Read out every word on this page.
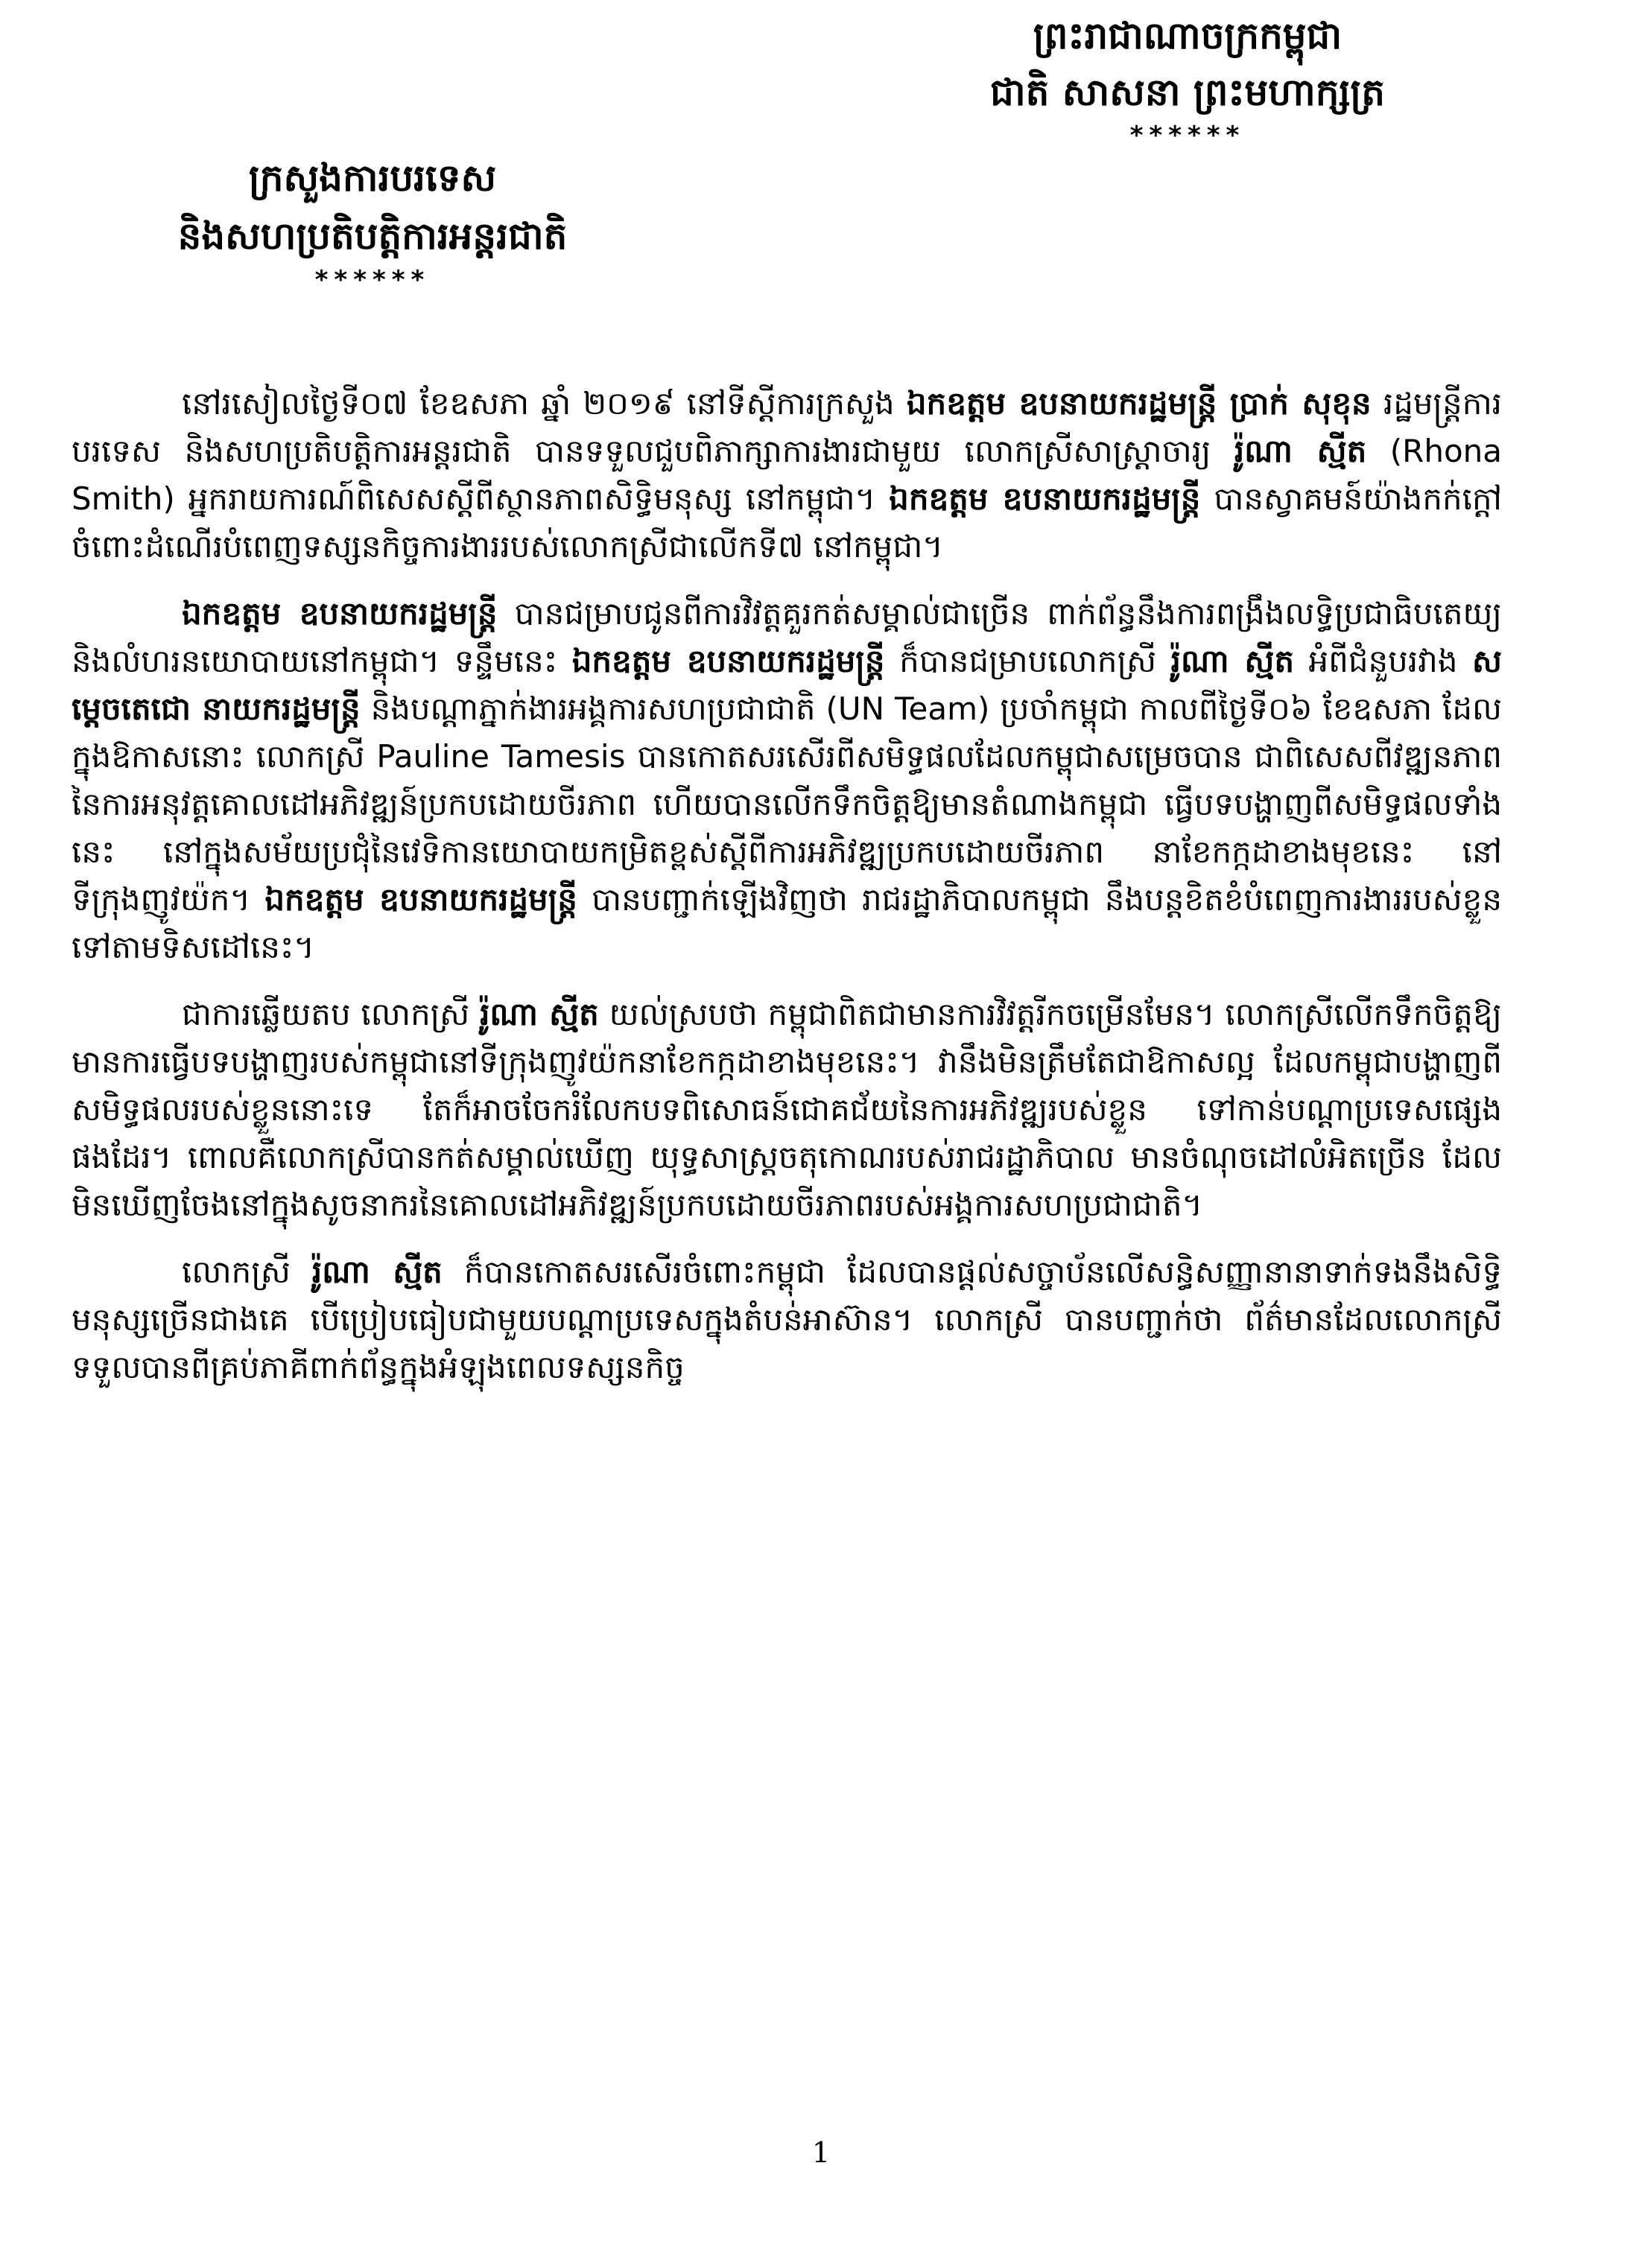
ព្រះរាជាណាចក្រកម្ពុជា
ជាតិ សាសនា ព្រះមហាក្សត្រ
******
ក្រសួងការបរទេស
និងសហប្រតិបត្តិការអន្តរជាតិ
******

នៅរសៀលថ្ងៃទី០៧ ខែឧសភា ឆ្នាំ ២០១៩ នៅទីស្តីការក្រសួង ឯកឧត្តម ឧបនាយករដ្ឋមន្ត្រី ប្រាក់ សុខុន រដ្ឋមន្ត្រីការបរទេស និងសហប្រតិបត្តិការអន្តរជាតិ បានទទួលជួបពិភាក្សាការងារជាមួយ លោកស្រីសាស្ត្រាចារ្យ រ៉ូណា ស្មីត (Rhona Smith) អ្នករាយការណ៍ពិសេសស្តីពីស្ថានភាពសិទ្ធិមនុស្ស នៅកម្ពុជា។ ឯកឧត្តម ឧបនាយករដ្ឋមន្ត្រី បានស្វាគមន៍យ៉ាងកក់ក្តៅ ចំពោះដំណើរបំពេញទស្សនកិច្ចការងាររបស់លោកស្រីជាលើកទី៧ នៅកម្ពុជា។

ឯកឧត្តម ឧបនាយករដ្ឋមន្ត្រី បានជម្រាបជូនពីការវិវត្តគួរកត់សម្គាល់ជាច្រើន ពាក់ព័ន្ធនឹងការពង្រឹងលទ្ធិប្រជាធិបតេយ្យ និងលំហរនយោបាយនៅកម្ពុជា។ ទន្ទឹមនេះ ឯកឧត្តម ឧបនាយករដ្ឋមន្ត្រី ក៏បានជម្រាបលោកស្រី រ៉ូណា ស្មីត អំពីជំនួបរវាង សម្តេចតេជោ នាយករដ្ឋមន្ត្រី និងបណ្តាភ្នាក់ងារអង្គការសហប្រជាជាតិ (UN Team) ប្រចាំកម្ពុជា កាលពីថ្ងៃទី០៦ ខែឧសភា ដែលក្នុងឱកាសនោះ លោកស្រី Pauline Tamesis បានកោតសរសើរពីសមិទ្ធផលដែលកម្ពុជាសម្រេចបាន ជាពិសេសពីវឌ្ឍនភាពនៃការអនុវត្តគោលដៅអភិវឌ្ឍន៍ប្រកបដោយចីរភាព ហើយបានលើកទឹកចិត្តឱ្យមានតំណាងកម្ពុជា ធ្វើបទបង្ហាញពីសមិទ្ធផលទាំងនេះ នៅក្នុងសម័យប្រជុំនៃវេទិកានយោបាយកម្រិតខ្ពស់ស្តីពីការអភិវឌ្ឍប្រកបដោយចីរភាព នាខែកក្កដាខាងមុខនេះ នៅទីក្រុងញូវយ៉ក។ ឯកឧត្តម ឧបនាយករដ្ឋមន្ត្រី បានបញ្ជាក់ឡើងវិញថា រាជរដ្ឋាភិបាលកម្ពុជា នឹងបន្តខិតខំបំពេញការងាររបស់ខ្លួនទៅតាមទិសដៅនេះ។

ជាការឆ្លើយតប លោកស្រី រ៉ូណា ស្មីត យល់ស្របថា កម្ពុជាពិតជាមានការវិវត្តរីកចម្រើនមែន។ លោកស្រីលើកទឹកចិត្តឱ្យមានការធ្វើបទបង្ហាញរបស់កម្ពុជានៅទីក្រុងញូវយ៉កនាខែកក្កដាខាងមុខនេះ។ វានឹងមិនត្រឹមតែជាឱកាសល្អ ដែលកម្ពុជាបង្ហាញពីសមិទ្ធផលរបស់ខ្លួននោះទេ តែក៏អាចចែករំលែកបទពិសោធន៍ជោគជ័យនៃការអភិវឌ្ឍរបស់ខ្លួន ទៅកាន់បណ្តាប្រទេសផ្សេងផងដែរ។ ពោលគឺលោកស្រីបានកត់សម្គាល់ឃើញ យុទ្ធសាស្ត្រចតុកោណរបស់រាជរដ្ឋាភិបាល មានចំណុចដៅលំអិតច្រើន ដែលមិនឃើញចែងនៅក្នុងសូចនាករនៃគោលដៅអភិវឌ្ឍន៍ប្រកបដោយចីរភាពរបស់អង្គការសហប្រជាជាតិ។

លោកស្រី រ៉ូណា ស្មីត ក៏បានកោតសរសើរចំពោះកម្ពុជា ដែលបានផ្តល់សច្ចាប័នលើសន្ធិសញ្ញានានាទាក់ទងនឹងសិទ្ធិមនុស្សច្រើនជាងគេ បើប្រៀបធៀបជាមួយបណ្តាប្រទេសក្នុងតំបន់អាស៊ាន។ លោកស្រី បានបញ្ជាក់ថា ព័ត៌មានដែលលោកស្រីទទួលបានពីគ្រប់ភាគីពាក់ព័ន្ធក្នុងអំឡុងពេលទស្សនកិច្ច

1
